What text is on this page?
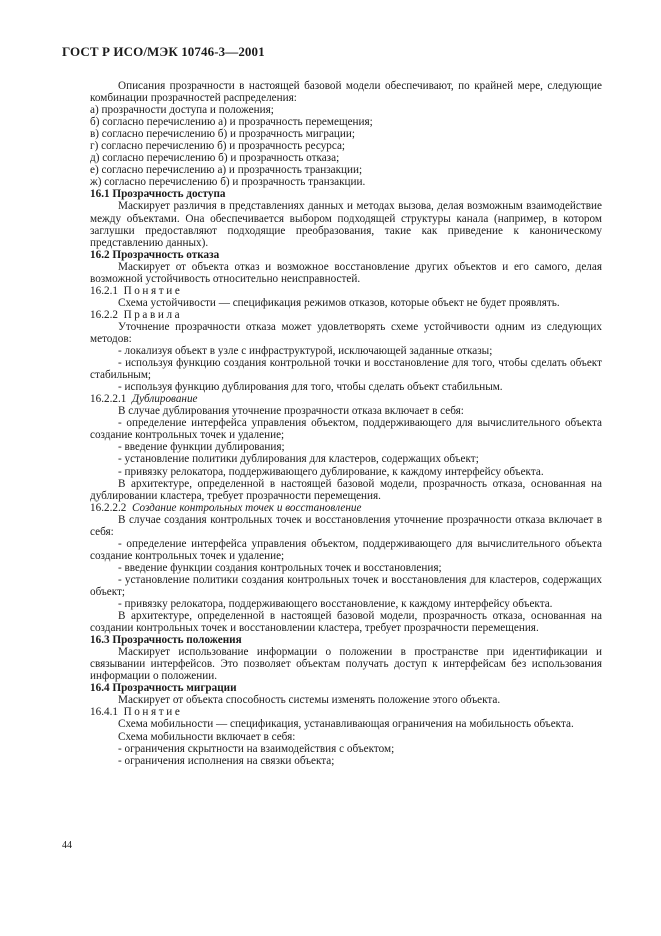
ГОСТ Р ИСО/МЭК 10746-3—2001

Описания прозрачности в настоящей базовой модели обеспечивают, по крайней мере, следующие комбинации прозрачностей распределения:

а) прозрачности доступа и положения;

б) согласно перечислению а) и прозрачность перемещения;

в) согласно перечислению б) и прозрачность миграции;

г) согласно перечислению б) и прозрачность ресурса;

д) согласно перечислению б) и прозрачность отказа;

е) согласно перечислению а) и прозрачность транзакции;

ж) согласно перечислению б) и прозрачность транзакции.

16.1 Прозрачность доступа

Маскирует различия в представлениях данных и методах вызова, делая возможным взаимодействие между объектами. Она обеспечивается выбором подходящей структуры канала (например, в котором заглушки предоставляют подходящие преобразования, такие как приведение к каноническому представлению данных).

16.2 Прозрачность отказа

Маскирует от объекта отказ и возможное восстановление других объектов и его самого, делая возможной устойчивость относительно неисправностей.

16.2.1 Понятие

Схема устойчивости — спецификация режимов отказов, которые объект не будет проявлять.

16.2.2 Правила

Уточнение прозрачности отказа может удовлетворять схеме устойчивости одним из следующих методов:

- локализуя объект в узле с инфраструктурой, исключающей заданные отказы;

- используя функцию создания контрольной точки и восстановление для того, чтобы сделать объект стабильным;

- используя функцию дублирования для того, чтобы сделать объект стабильным.

16.2.2.1 Дублирование

В случае дублирования уточнение прозрачности отказа включает в себя:

- определение интерфейса управления объектом, поддерживающего для вычислительного объекта создание контрольных точек и удаление;

- введение функции дублирования;

- установление политики дублирования для кластеров, содержащих объект;

- привязку релокатора, поддерживающего дублирование, к каждому интерфейсу объекта.

В архитектуре, определенной в настоящей базовой модели, прозрачность отказа, основанная на дублировании кластера, требует прозрачности перемещения.

16.2.2.2 Создание контрольных точек и восстановление

В случае создания контрольных точек и восстановления уточнение прозрачности отказа включает в себя:

- определение интерфейса управления объектом, поддерживающего для вычислительного объекта создание контрольных точек и удаление;

- введение функции создания контрольных точек и восстановления;

- установление политики создания контрольных точек и восстановления для кластеров, содержащих объект;

- привязку релокатора, поддерживающего восстановление, к каждому интерфейсу объекта.

В архитектуре, определенной в настоящей базовой модели, прозрачность отказа, основанная на создании контрольных точек и восстановлении кластера, требует прозрачности перемещения.

16.3 Прозрачность положения

Маскирует использование информации о положении в пространстве при идентификации и связывании интерфейсов. Это позволяет объектам получать доступ к интерфейсам без использования информации о положении.

16.4 Прозрачность миграции

Маскирует от объекта способность системы изменять положение этого объекта.

16.4.1 Понятие

Схема мобильности — спецификация, устанавливающая ограничения на мобильность объекта.

Схема мобильности включает в себя:

- ограничения скрытности на взаимодействия с объектом;

- ограничения исполнения на связки объекта;

44
